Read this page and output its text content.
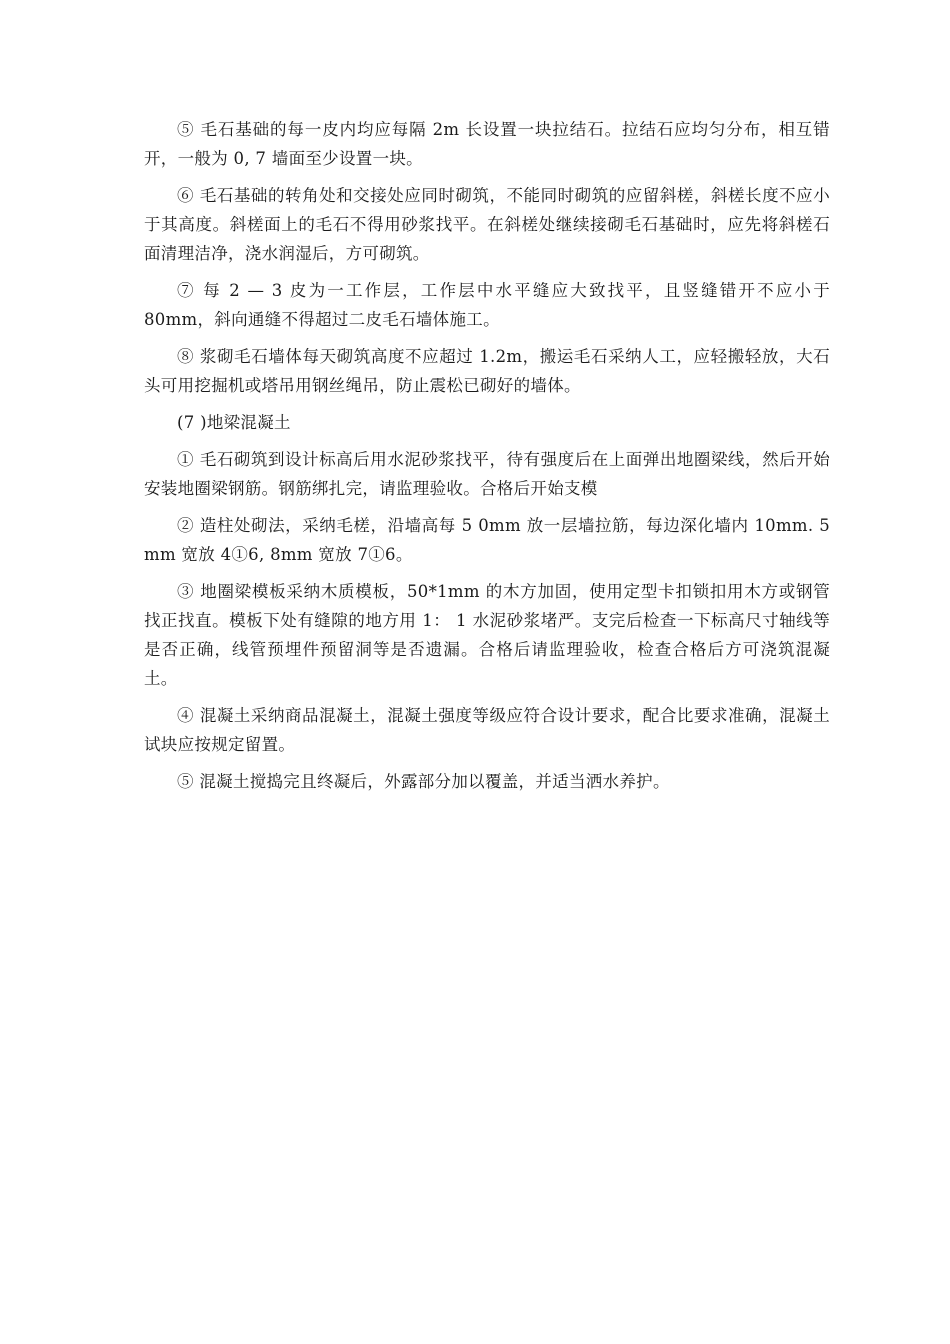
⑤ 毛石基础的每一皮内均应每隔 2m 长设置一块拉结石。拉结石应均匀分布，相互错开，一般为 0, 7 墙面至少设置一块。

⑥ 毛石基础的转角处和交接处应同时砌筑，不能同时砌筑的应留斜槎，斜槎长度不应小于其高度。斜槎面上的毛石不得用砂浆找平。在斜槎处继续接砌毛石基础时，应先将斜槎石面清理洁净，浇水润湿后，方可砌筑。

⑦ 每 2 — 3 皮为一工作层，工作层中水平缝应大致找平，且竖缝错开不应小于 80mm，斜向通缝不得超过二皮毛石墙体施工。

⑧ 浆砌毛石墙体每天砌筑高度不应超过 1.2m，搬运毛石采纳人工，应轻搬轻放，大石头可用挖掘机或塔吊用钢丝绳吊，防止震松已砌好的墙体。

(7 )地梁混凝土

① 毛石砌筑到设计标高后用水泥砂浆找平，待有强度后在上面弹出地圈梁线，然后开始安装地圈梁钢筋。钢筋绑扎完，请监理验收。合格后开始支模

② 造柱处砌法，采纳毛槎，沿墙高每 5 0mm 放一层墙拉筋，每边深化墙内 10mm. 5 mm 宽放 4①6, 8mm 宽放 7①6。

③ 地圈梁模板采纳木质模板，50*1mm 的木方加固，使用定型卡扣锁扣用木方或钢管找正找直。模板下处有缝隙的地方用 1： 1 水泥砂浆堵严。支完后检查一下标高尺寸轴线等是否正确，线管预埋件预留洞等是否遗漏。合格后请监理验收，检查合格后方可浇筑混凝土。

④ 混凝土采纳商品混凝土，混凝土强度等级应符合设计要求，配合比要求准确，混凝土试块应按规定留置。

⑤ 混凝土搅捣完且终凝后，外露部分加以覆盖，并适当洒水养护。
